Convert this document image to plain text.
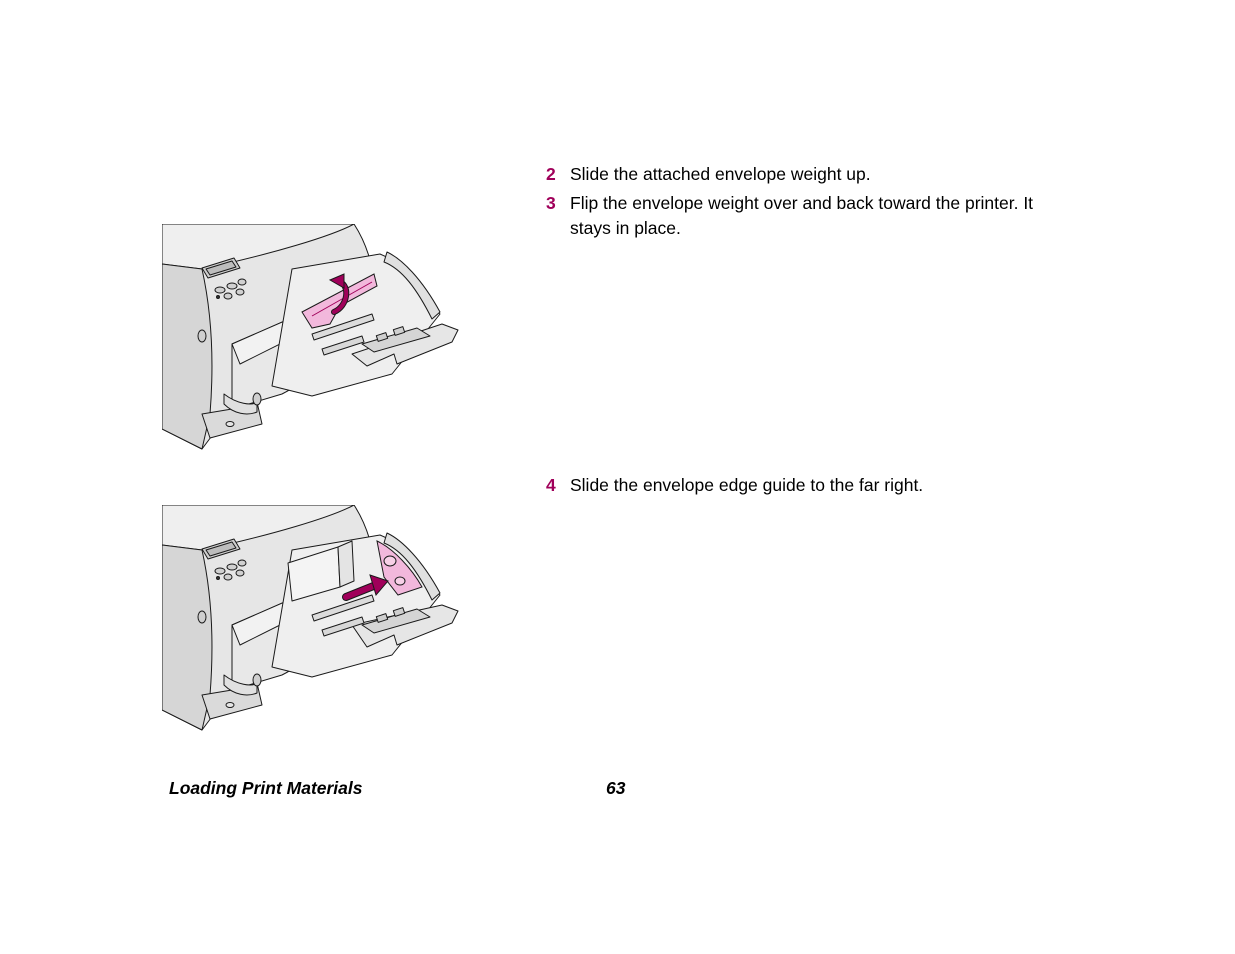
2 Slide the attached envelope weight up.
3 Flip the envelope weight over and back toward the printer. It stays in place.
4 Slide the envelope edge guide to the far right.
Loading Print Materials	63
